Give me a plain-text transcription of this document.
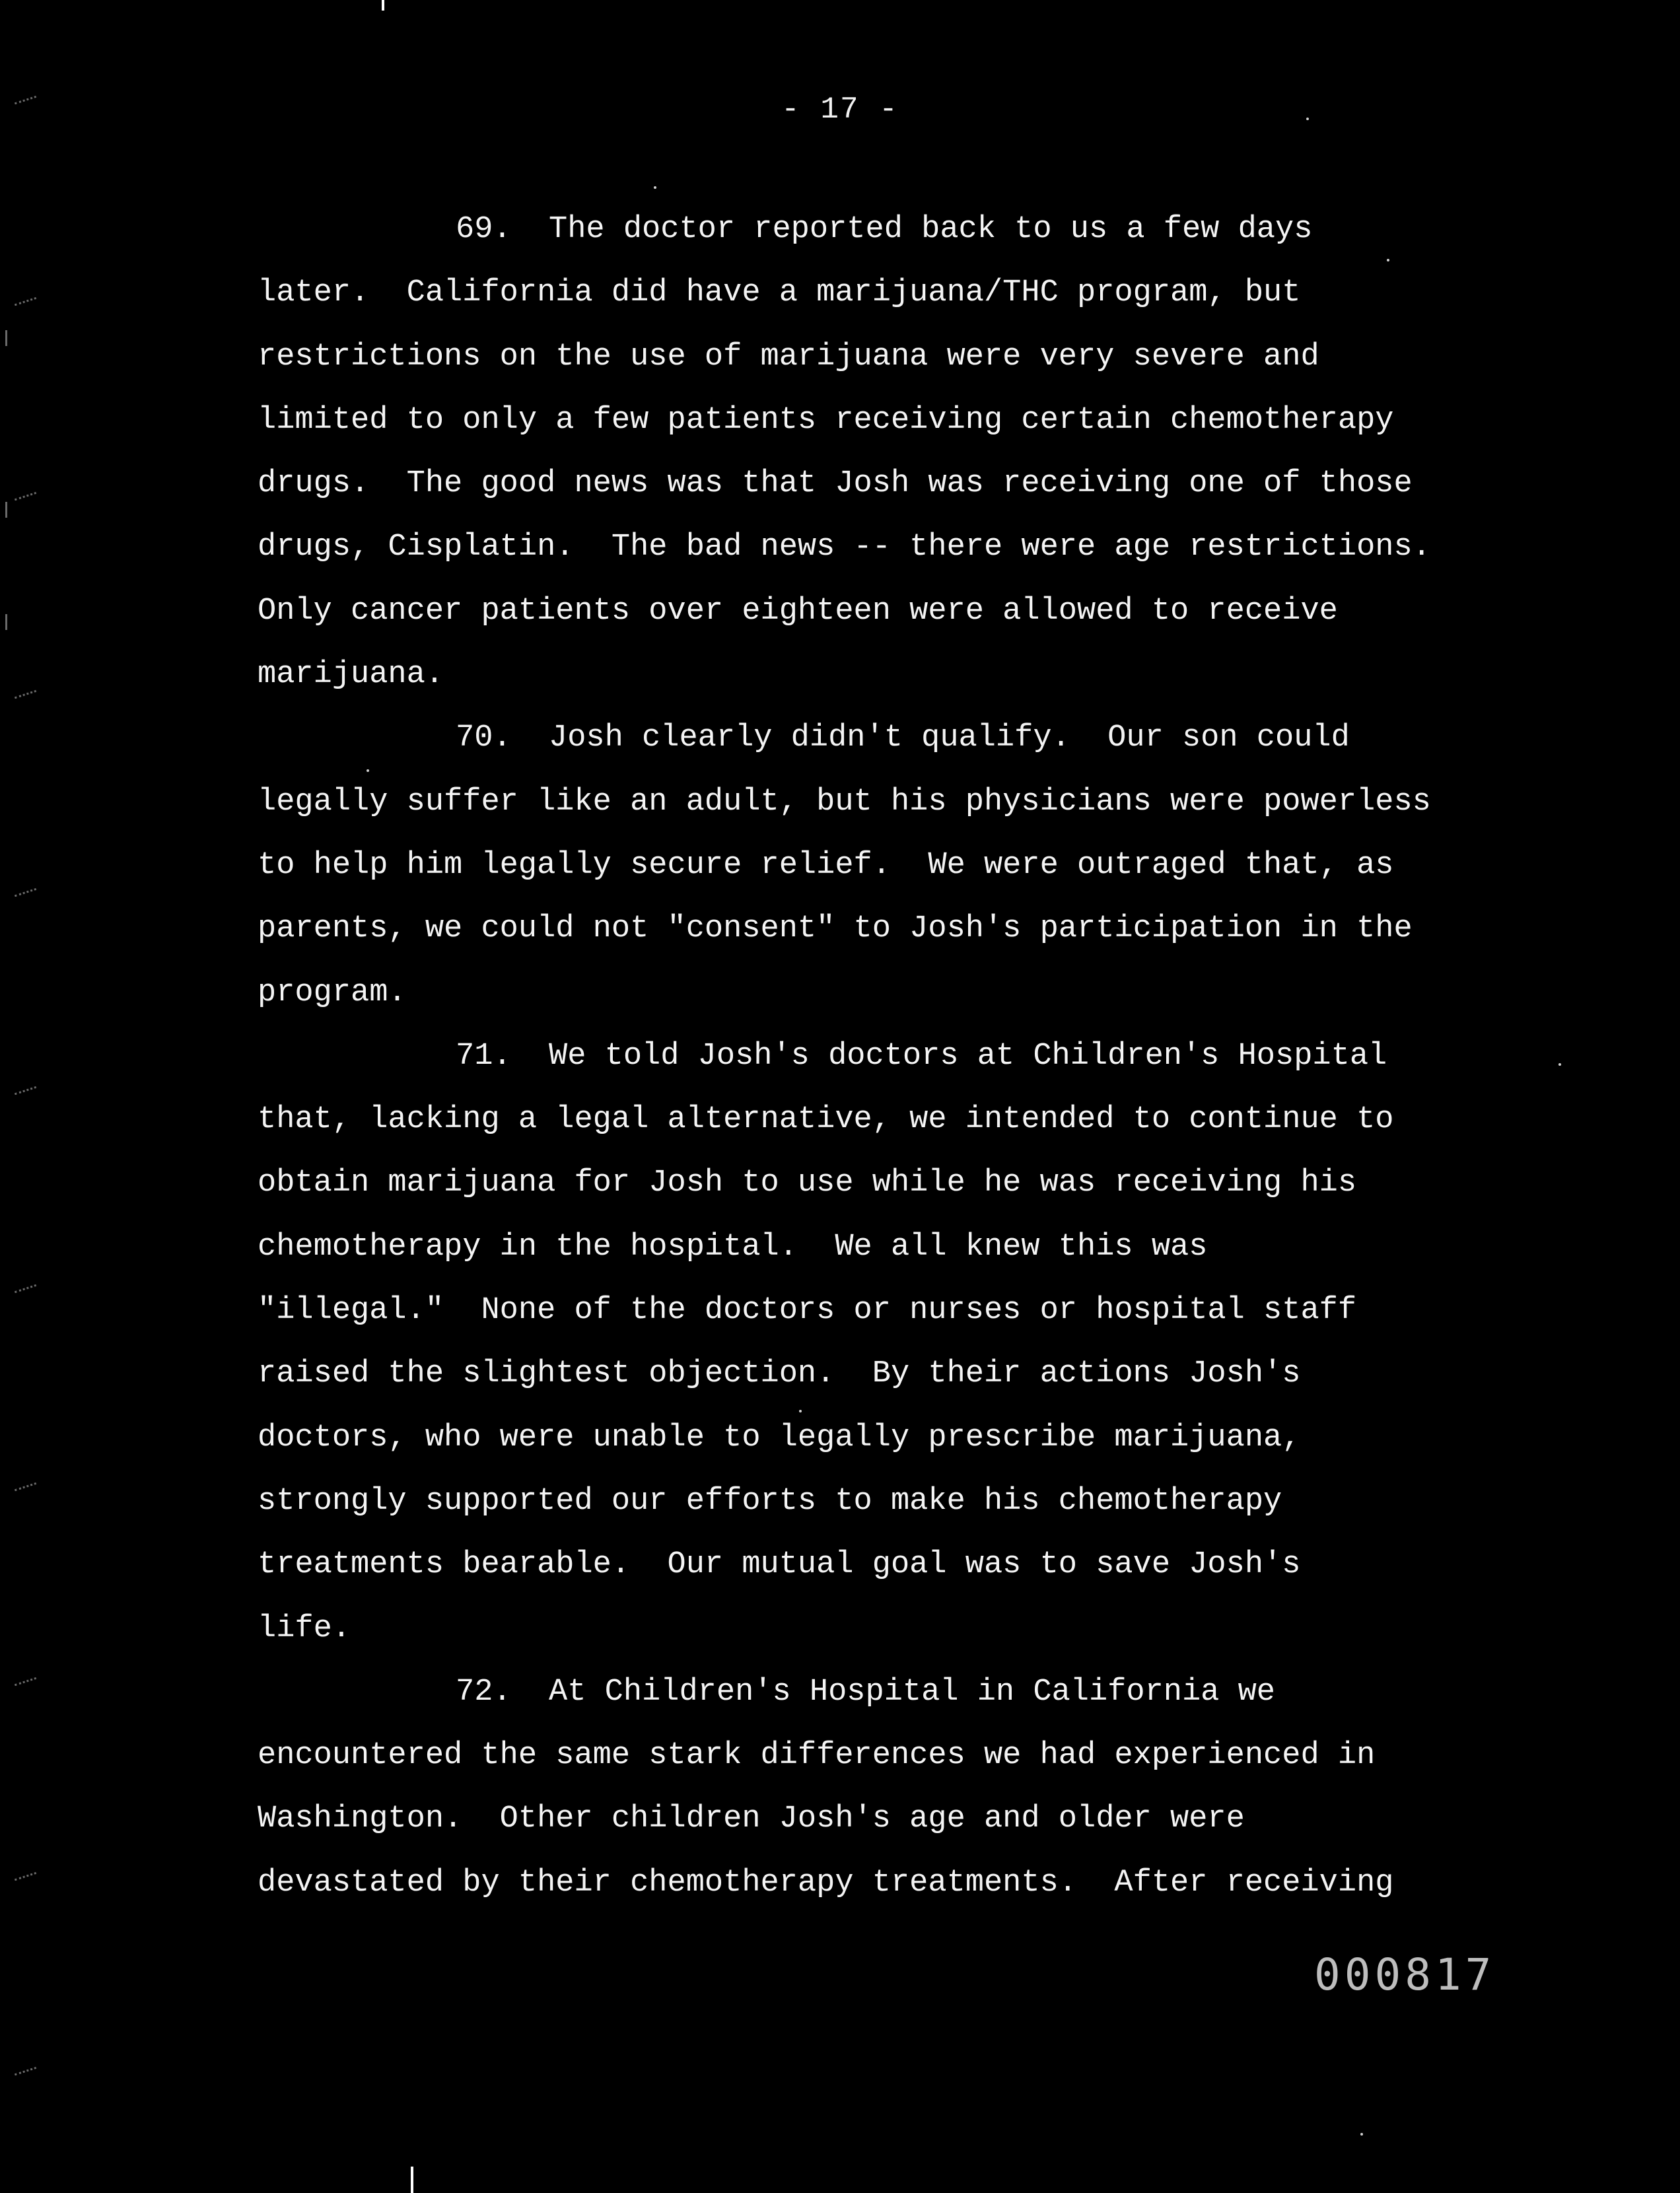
- 17 -
69.  The doctor reported back to us a few days
later.  California did have a marijuana/THC program, but
restrictions on the use of marijuana were very severe and
limited to only a few patients receiving certain chemotherapy
drugs.  The good news was that Josh was receiving one of those
drugs, Cisplatin.  The bad news -- there were age restrictions.
Only cancer patients over eighteen were allowed to receive
marijuana.
70.  Josh clearly didn't qualify.  Our son could
legally suffer like an adult, but his physicians were powerless
to help him legally secure relief.  We were outraged that, as
parents, we could not "consent" to Josh's participation in the
program.
71.  We told Josh's doctors at Children's Hospital
that, lacking a legal alternative, we intended to continue to
obtain marijuana for Josh to use while he was receiving his
chemotherapy in the hospital.  We all knew this was
"illegal."  None of the doctors or nurses or hospital staff
raised the slightest objection.  By their actions Josh's
doctors, who were unable to legally prescribe marijuana,
strongly supported our efforts to make his chemotherapy
treatments bearable.  Our mutual goal was to save Josh's
life.
72.  At Children's Hospital in California we
encountered the same stark differences we had experienced in
Washington.  Other children Josh's age and older were
devastated by their chemotherapy treatments.  After receiving
000817
